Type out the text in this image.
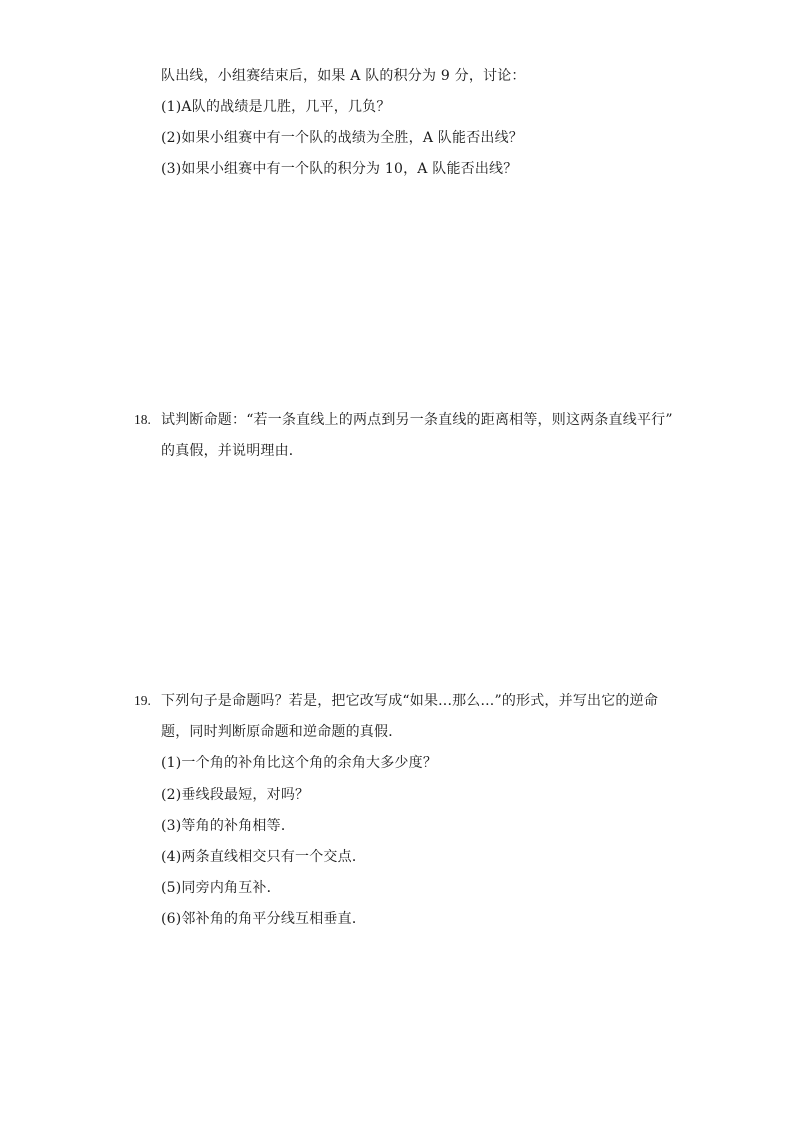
队出线，小组赛结束后，如果 A 队的积分为 9 分，讨论：
(1)A队的战绩是几胜，几平，几负？
(2)如果小组赛中有一个队的战绩为全胜，A 队能否出线？
(3)如果小组赛中有一个队的积分为 10，A 队能否出线？
18. 试判断命题：“若一条直线上的两点到另一条直线的距离相等，则这两条直线平行”
的真假，并说明理由．
19. 下列句子是命题吗？若是，把它改写成“如果...那么...”的形式，并写出它的逆命
题，同时判断原命题和逆命题的真假．
(1)一个角的补角比这个角的余角大多少度？
(2)垂线段最短，对吗？
(3)等角的补角相等．
(4)两条直线相交只有一个交点．
(5)同旁内角互补．
(6)邻补角的角平分线互相垂直．
